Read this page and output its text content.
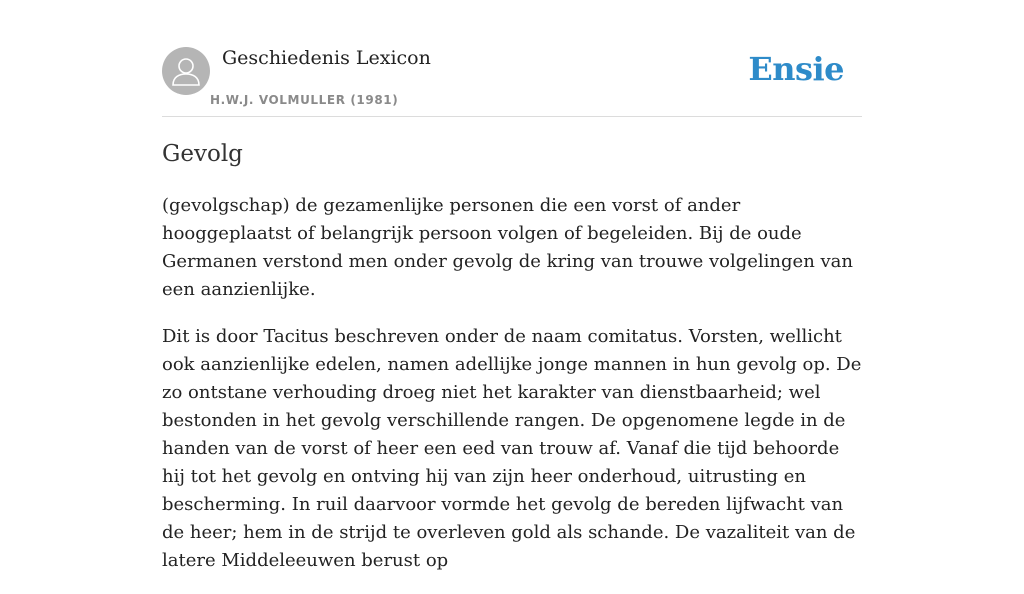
Geschiedenis Lexicon
H.W.J. VOLMULLER (1981)
Ensie
Gevolg

(gevolgschap) de gezamenlijke personen die een vorst of ander hooggeplaatst of belangrijk persoon volgen of begeleiden. Bij de oude Germanen verstond men onder gevolg de kring van trouwe volgelingen van een aanzienlijke.

Dit is door Tacitus beschreven onder de naam comitatus. Vorsten, wellicht ook aanzienlijke edelen, namen adellijke jonge mannen in hun gevolg op. De zo ontstane verhouding droeg niet het karakter van dienstbaarheid; wel bestonden in het gevolg verschillende rangen. De opgenomene legde in de handen van de vorst of heer een eed van trouw af. Vanaf die tijd behoorde hij tot het gevolg en ontving hij van zijn heer onderhoud, uitrusting en bescherming. In ruil daarvoor vormde het gevolg de bereden lijfwacht van de heer; hem in de strijd te overleven gold als schande. De vazaliteit van de latere Middeleeuwen berust op
